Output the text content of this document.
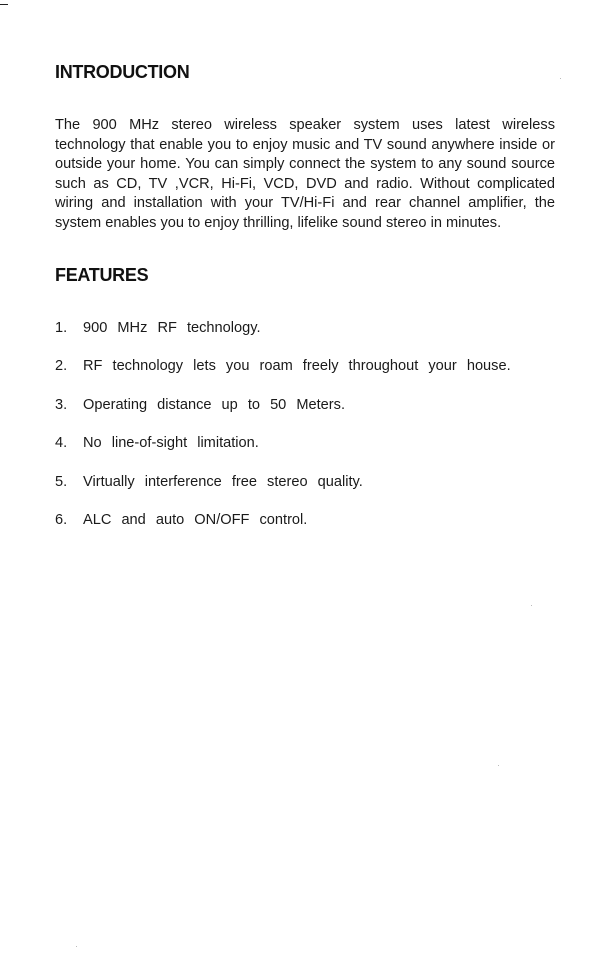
INTRODUCTION

The 900 MHz stereo wireless speaker system uses latest wireless technology that enable you to enjoy music and TV sound anywhere inside or outside your home. You can simply connect the system to any sound source such as CD, TV ,VCR, Hi-Fi, VCD, DVD and radio. Without complicated wiring and installation with your TV/Hi-Fi and rear channel amplifier, the system enables you to enjoy thrilling, lifelike sound stereo in minutes.

FEATURES
1.	900 MHz RF technology.
2.	RF technology lets you roam freely throughout your house.
3.	Operating distance up to 50 Meters.
4.	No line-of-sight limitation.
5.	Virtually interference free stereo quality.
6.	ALC and auto ON/OFF control.
